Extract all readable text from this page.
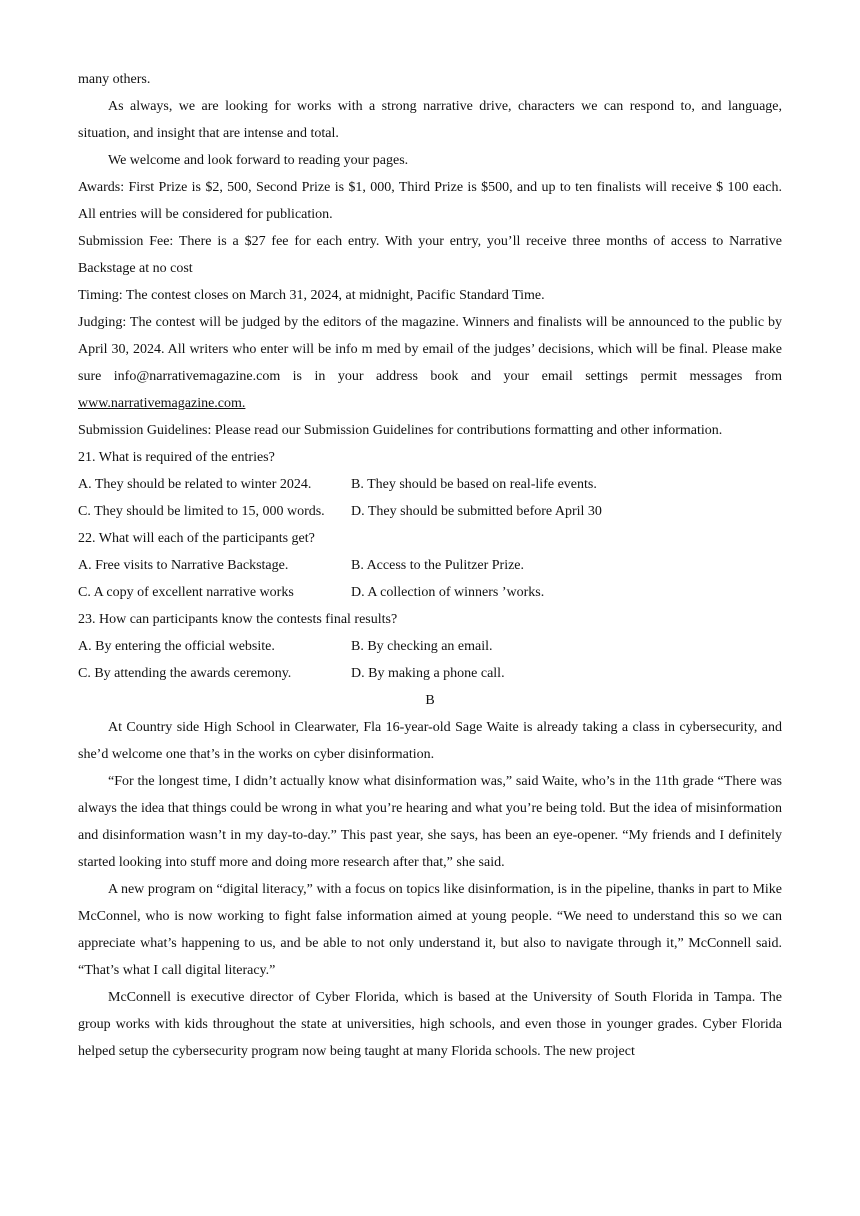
many others.

As always, we are looking for works with a strong narrative drive, characters we can respond to, and language, situation, and insight that are intense and total.

We welcome and look forward to reading your pages.

Awards: First Prize is $2, 500, Second Prize is $1, 000, Third Prize is $500, and up to ten finalists will receive $ 100 each. All entries will be considered for publication.

Submission Fee: There is a $27 fee for each entry. With your entry, you’ll receive three months of access to Narrative Backstage at no cost

Timing: The contest closes on March 31, 2024, at midnight, Pacific Standard Time.

Judging: The contest will be judged by the editors of the magazine. Winners and finalists will be announced to the public by April 30, 2024. All writers who enter will be info m med by email of the judges’ decisions, which will be final. Please make sure info@narrativemagazine.com is in your address book and your email settings permit messages from www.narrativemagazine.com.

Submission Guidelines: Please read our Submission Guidelines for contributions formatting and other information.

21. What is required of the entries?

A. They should be related to winter 2024.	B. They should be based on real-life events.
C. They should be limited to 15, 000 words.	D. They should be submitted before April 30

22. What will each of the participants get?

A. Free visits to Narrative Backstage.	B. Access to the Pulitzer Prize.
C. A copy of excellent narrative works	D. A collection of winners ’works.

23. How can participants know the contests final results?

A. By entering the official website.	B. By checking an email.
C. By attending the awards ceremony.	D. By making a phone call.

B

At Country side High School in Clearwater, Fla 16-year-old Sage Waite is already taking a class in cybersecurity, and she’d welcome one that’s in the works on cyber disinformation.

“For the longest time, I didn’t actually know what disinformation was,” said Waite, who’s in the 11th grade “There was always the idea that things could be wrong in what you’re hearing and what you’re being told. But the idea of misinformation and disinformation wasn’t in my day-to-day.” This past year, she says, has been an eye-opener. “My friends and I definitely started looking into stuff more and doing more research after that,” she said.

A new program on “digital literacy,” with a focus on topics like disinformation, is in the pipeline, thanks in part to Mike McConnel, who is now working to fight false information aimed at young people. “We need to understand this so we can appreciate what’s happening to us, and be able to not only understand it, but also to navigate through it,” McConnell said. “That’s what I call digital literacy.”

McConnell is executive director of Cyber Florida, which is based at the University of South Florida in Tampa. The group works with kids throughout the state at universities, high schools, and even those in younger grades. Cyber Florida helped setup the cybersecurity program now being taught at many Florida schools. The new project
